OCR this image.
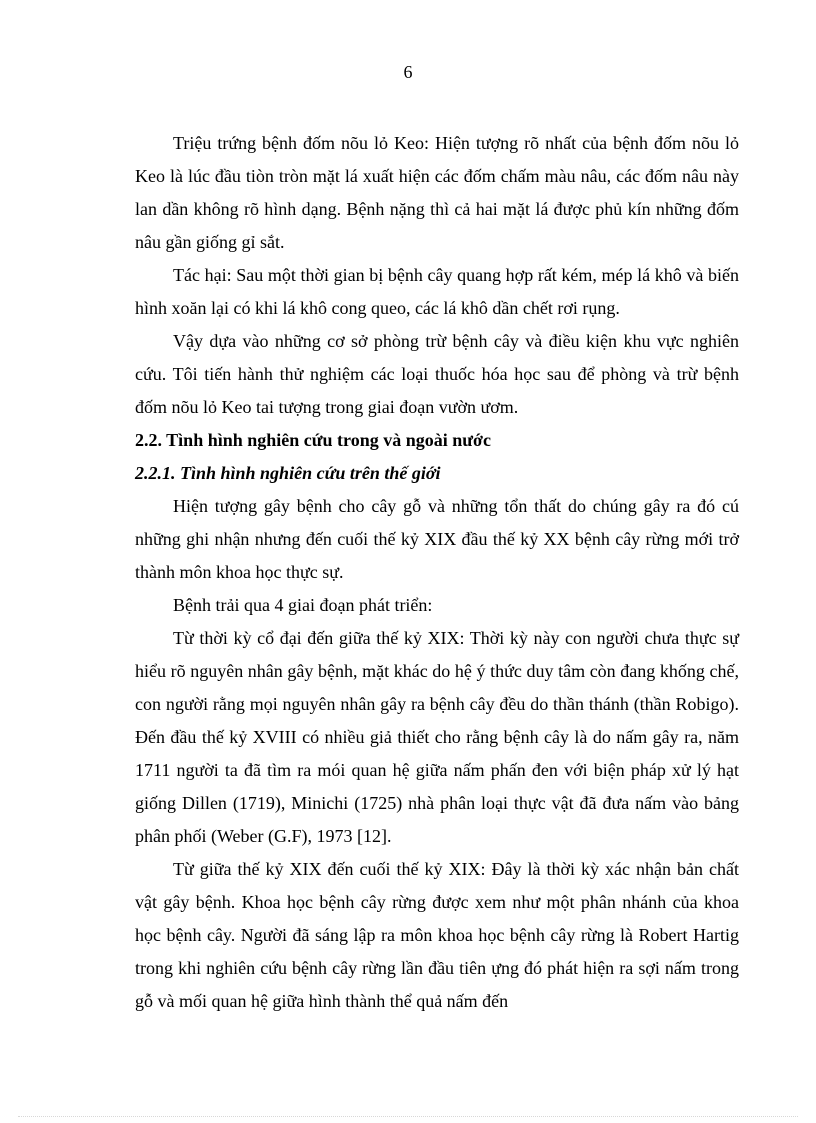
6

Triệu trứng bệnh đốm nõu lỏ Keo: Hiện tượng rõ nhất của bệnh đốm nõu lỏ Keo là lúc đầu tiòn tròn mặt lá xuất hiện các đốm chấm màu nâu, các đốm nâu này lan dần không rõ hình dạng. Bệnh nặng thì cả hai mặt lá được phủ kín những đốm nâu gần giống gỉ sắt.

Tác hại: Sau một thời gian bị bệnh cây quang hợp rất kém, mép lá khô và biến hình xoăn lại có khi lá khô cong queo, các lá khô dần chết rơi rụng.

Vậy dựa vào những cơ sở phòng trừ bệnh cây và điều kiện khu vực nghiên cứu. Tôi tiến hành thử nghiệm các loại thuốc hóa học sau để phòng và trừ bệnh đốm nõu lỏ Keo tai tượng trong giai đoạn vườn ươm.

2.2. Tình hình nghiên cứu trong và ngoài nước

2.2.1. Tình hình nghiên cứu trên thế giới

Hiện tượng gây bệnh cho cây gỗ và những tổn thất do chúng gây ra đó cú những ghi nhận nhưng đến cuối thế kỷ XIX đầu thế kỷ XX bệnh cây rừng mới trở thành môn khoa học thực sự.

Bệnh trải qua 4 giai đoạn phát triển:

Từ thời kỳ cổ đại đến giữa thế kỷ XIX: Thời kỳ này con người chưa thực sự hiểu rõ nguyên nhân gây bệnh, mặt khác do hệ ý thức duy tâm còn đang khống chế, con người rằng mọi nguyên nhân gây ra bệnh cây đều do thần thánh (thần Robigo). Đến đầu thế kỷ XVIII có nhiều giả thiết cho rằng bệnh cây là do nấm gây ra, năm 1711 người ta đã tìm ra mói quan hệ giữa nấm phấn đen với biện pháp xử lý hạt giống Dillen (1719), Minichi (1725) nhà phân loại thực vật đã đưa nấm vào bảng phân phối (Weber (G.F), 1973 [12].

Từ giữa thế kỷ XIX đến cuối thế kỷ XIX: Đây là thời kỳ xác nhận bản chất vật gây bệnh. Khoa học bệnh cây rừng được xem như một phân nhánh của khoa học bệnh cây. Người đã sáng lập ra môn khoa học bệnh cây rừng là Robert Hartig trong khi nghiên cứu bệnh cây rừng lần đầu tiên ựng đó phát hiện ra sợi nấm trong gỗ và mối quan hệ giữa hình thành thể quả nấm đến
